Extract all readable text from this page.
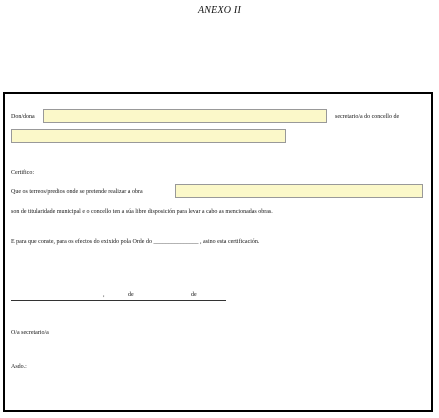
ANEXO II
Don/dona	secretario/a do concello de
Certifico:
Que os terreos/predios onde se pretende realizar a obra
son de titularidade municipal e o concello ten a súa libre disposición para levar a cabo as mencionadas obras.
E para que conste, para os efectos do exixido pola Orde do _______________ , asino esta certificación.
,	de	de
O/a secretario/a
Asdo.:
